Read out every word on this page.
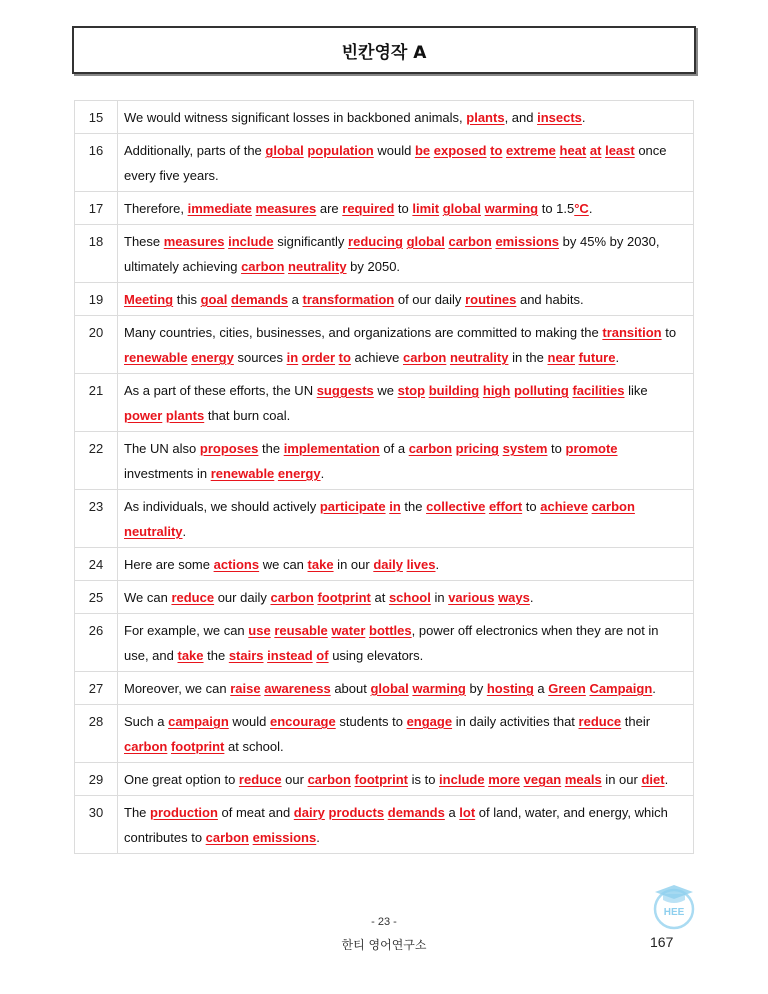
빈칸영작 A
15	We would witness significant losses in backboned animals, plants, and insects.
16	Additionally, parts of the global population would be exposed to extreme heat at least once every five years.
17	Therefore, immediate measures are required to limit global warming to 1.5°C.
18	These measures include significantly reducing global carbon emissions by 45% by 2030, ultimately achieving carbon neutrality by 2050.
19	Meeting this goal demands a transformation of our daily routines and habits.
20	Many countries, cities, businesses, and organizations are committed to making the transition to renewable energy sources in order to achieve carbon neutrality in the near future.
21	As a part of these efforts, the UN suggests we stop building high polluting facilities like power plants that burn coal.
22	The UN also proposes the implementation of a carbon pricing system to promote investments in renewable energy.
23	As individuals, we should actively participate in the collective effort to achieve carbon neutrality.
24	Here are some actions we can take in our daily lives.
25	We can reduce our daily carbon footprint at school in various ways.
26	For example, we can use reusable water bottles, power off electronics when they are not in use, and take the stairs instead of using elevators.
27	Moreover, we can raise awareness about global warming by hosting a Green Campaign.
28	Such a campaign would encourage students to engage in daily activities that reduce their carbon footprint at school.
29	One great option to reduce our carbon footprint is to include more vegan meals in our diet.
30	The production of meat and dairy products demands a lot of land, water, and energy, which contributes to carbon emissions.
- 23 -
한티 영어연구소	167
HEE
